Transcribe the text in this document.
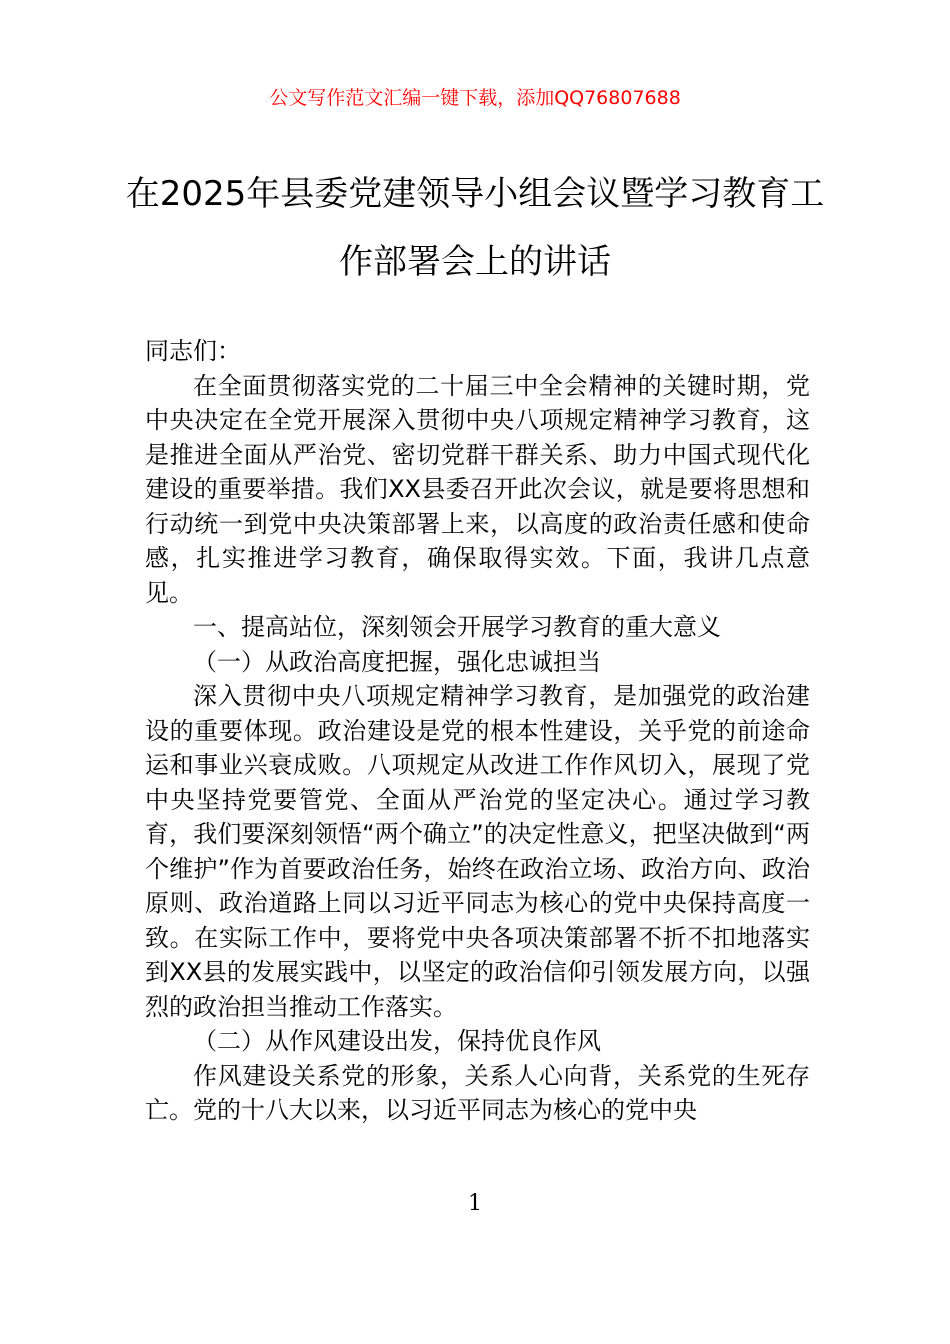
公文写作范文汇编一键下载，添加QQ76807688
在2025年县委党建领导小组会议暨学习教育工作部署会上的讲话

同志们：

在全面贯彻落实党的二十届三中全会精神的关键时期，党中央决定在全党开展深入贯彻中央八项规定精神学习教育，这是推进全面从严治党、密切党群干群关系、助力中国式现代化建设的重要举措。我们XX县委召开此次会议，就是要将思想和行动统一到党中央决策部署上来，以高度的政治责任感和使命感，扎实推进学习教育，确保取得实效。下面，我讲几点意见。

一、提高站位，深刻领会开展学习教育的重大意义

（一）从政治高度把握，强化忠诚担当

深入贯彻中央八项规定精神学习教育，是加强党的政治建设的重要体现。政治建设是党的根本性建设，关乎党的前途命运和事业兴衰成败。八项规定从改进工作作风切入，展现了党中央坚持党要管党、全面从严治党的坚定决心。通过学习教育，我们要深刻领悟“两个确立”的决定性意义，把坚决做到“两个维护”作为首要政治任务，始终在政治立场、政治方向、政治原则、政治道路上同以习近平同志为核心的党中央保持高度一致。在实际工作中，要将党中央各项决策部署不折不扣地落实到XX县的发展实践中，以坚定的政治信仰引领发展方向，以强烈的政治担当推动工作落实。

（二）从作风建设出发，保持优良作风

作风建设关系党的形象，关系人心向背，关系党的生死存亡。党的十八大以来，以习近平同志为核心的党中央

1
